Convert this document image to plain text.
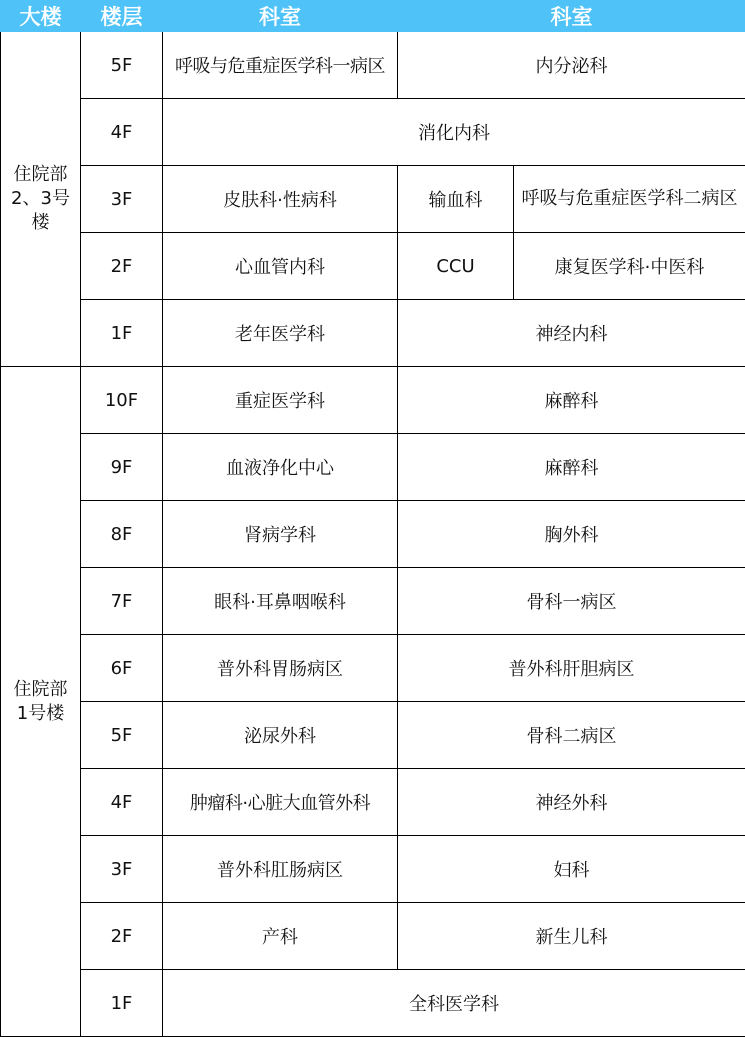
大楼	楼层	科室	科室	

住院部
2、3号
楼	5F	呼吸与危重症医学科一病区	内分泌科	
	4F	消化内科		
	3F	皮肤科·性病科	输血科	呼吸与危重症医学科二病区
	2F	心血管内科	CCU	康复医学科·中医科
	1F	老年医学科	神经内科	

住院部
1号楼	10F	重症医学科	麻醉科	
	9F	血液净化中心	麻醉科	
	8F	肾病学科	胸外科	
	7F	眼科·耳鼻咽喉科	骨科一病区	
	6F	普外科胃肠病区	普外科肝胆病区	
	5F	泌尿外科	骨科二病区	
	4F	肿瘤科·心脏大血管外科	神经外科	
	3F	普外科肛肠病区	妇科	
	2F	产科	新生儿科	
	1F	全科医学科		
